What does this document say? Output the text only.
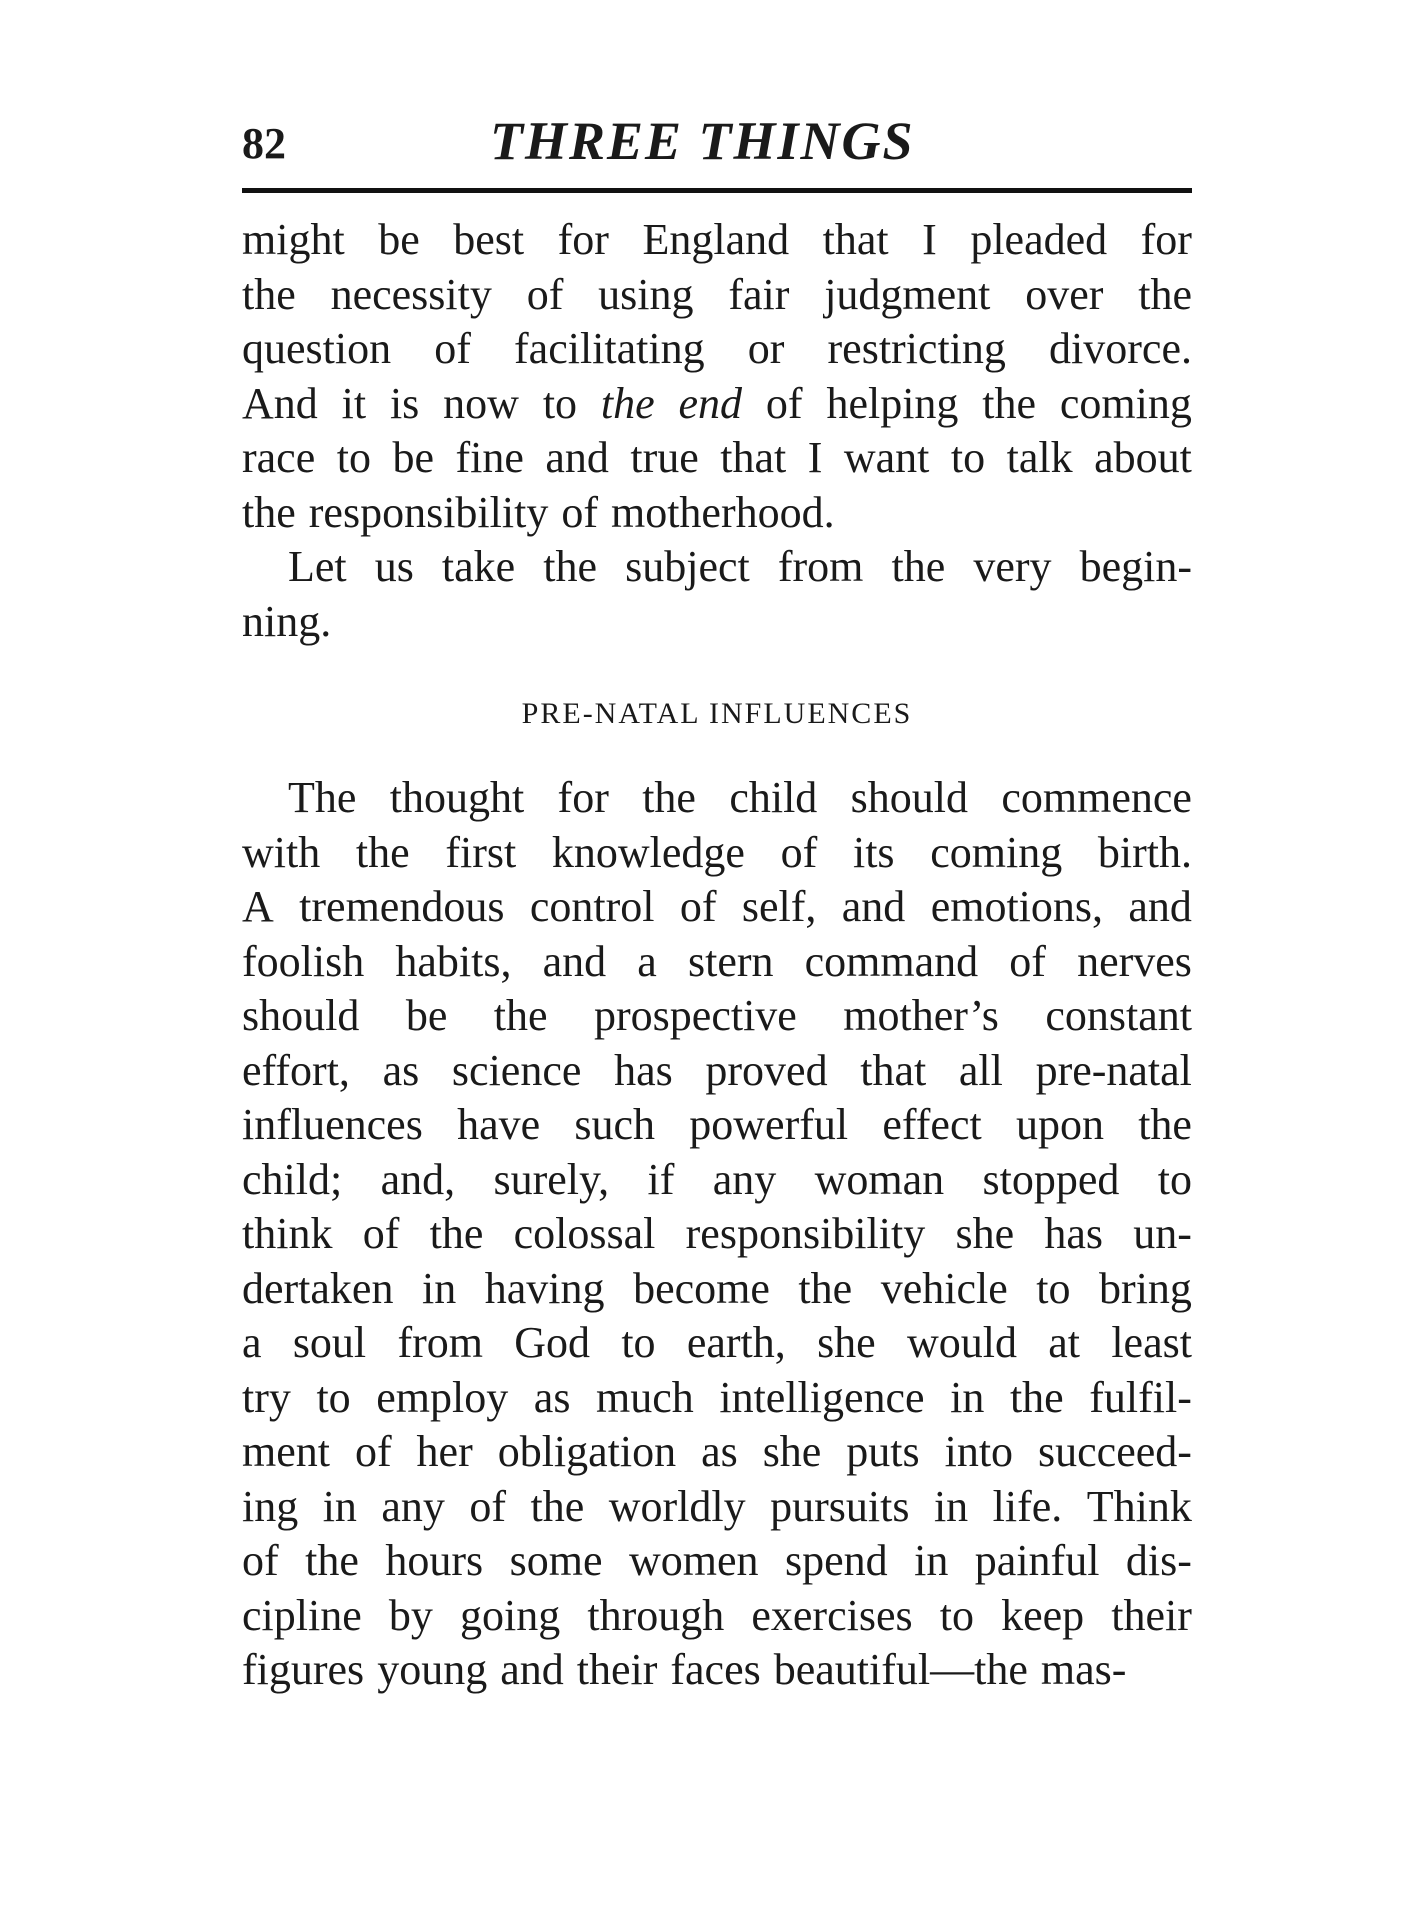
82	THREE THINGS
might be best for England that I pleaded for
the necessity of using fair judgment over the
question of facilitating or restricting divorce.
And it is now to the end of helping the coming
race to be fine and true that I want to talk about
the responsibility of motherhood.
Let us take the subject from the very begin-
ning.
PRE-NATAL INFLUENCES
The thought for the child should commence
with the first knowledge of its coming birth.
A tremendous control of self, and emotions, and
foolish habits, and a stern command of nerves
should be the prospective mother’s constant
effort, as science has proved that all pre-natal
influences have such powerful effect upon the
child; and, surely, if any woman stopped to
think of the colossal responsibility she has un-
dertaken in having become the vehicle to bring
a soul from God to earth, she would at least
try to employ as much intelligence in the fulfil-
ment of her obligation as she puts into succeed-
ing in any of the worldly pursuits in life. Think
of the hours some women spend in painful dis-
cipline by going through exercises to keep their
figures young and their faces beautiful—the mas-
